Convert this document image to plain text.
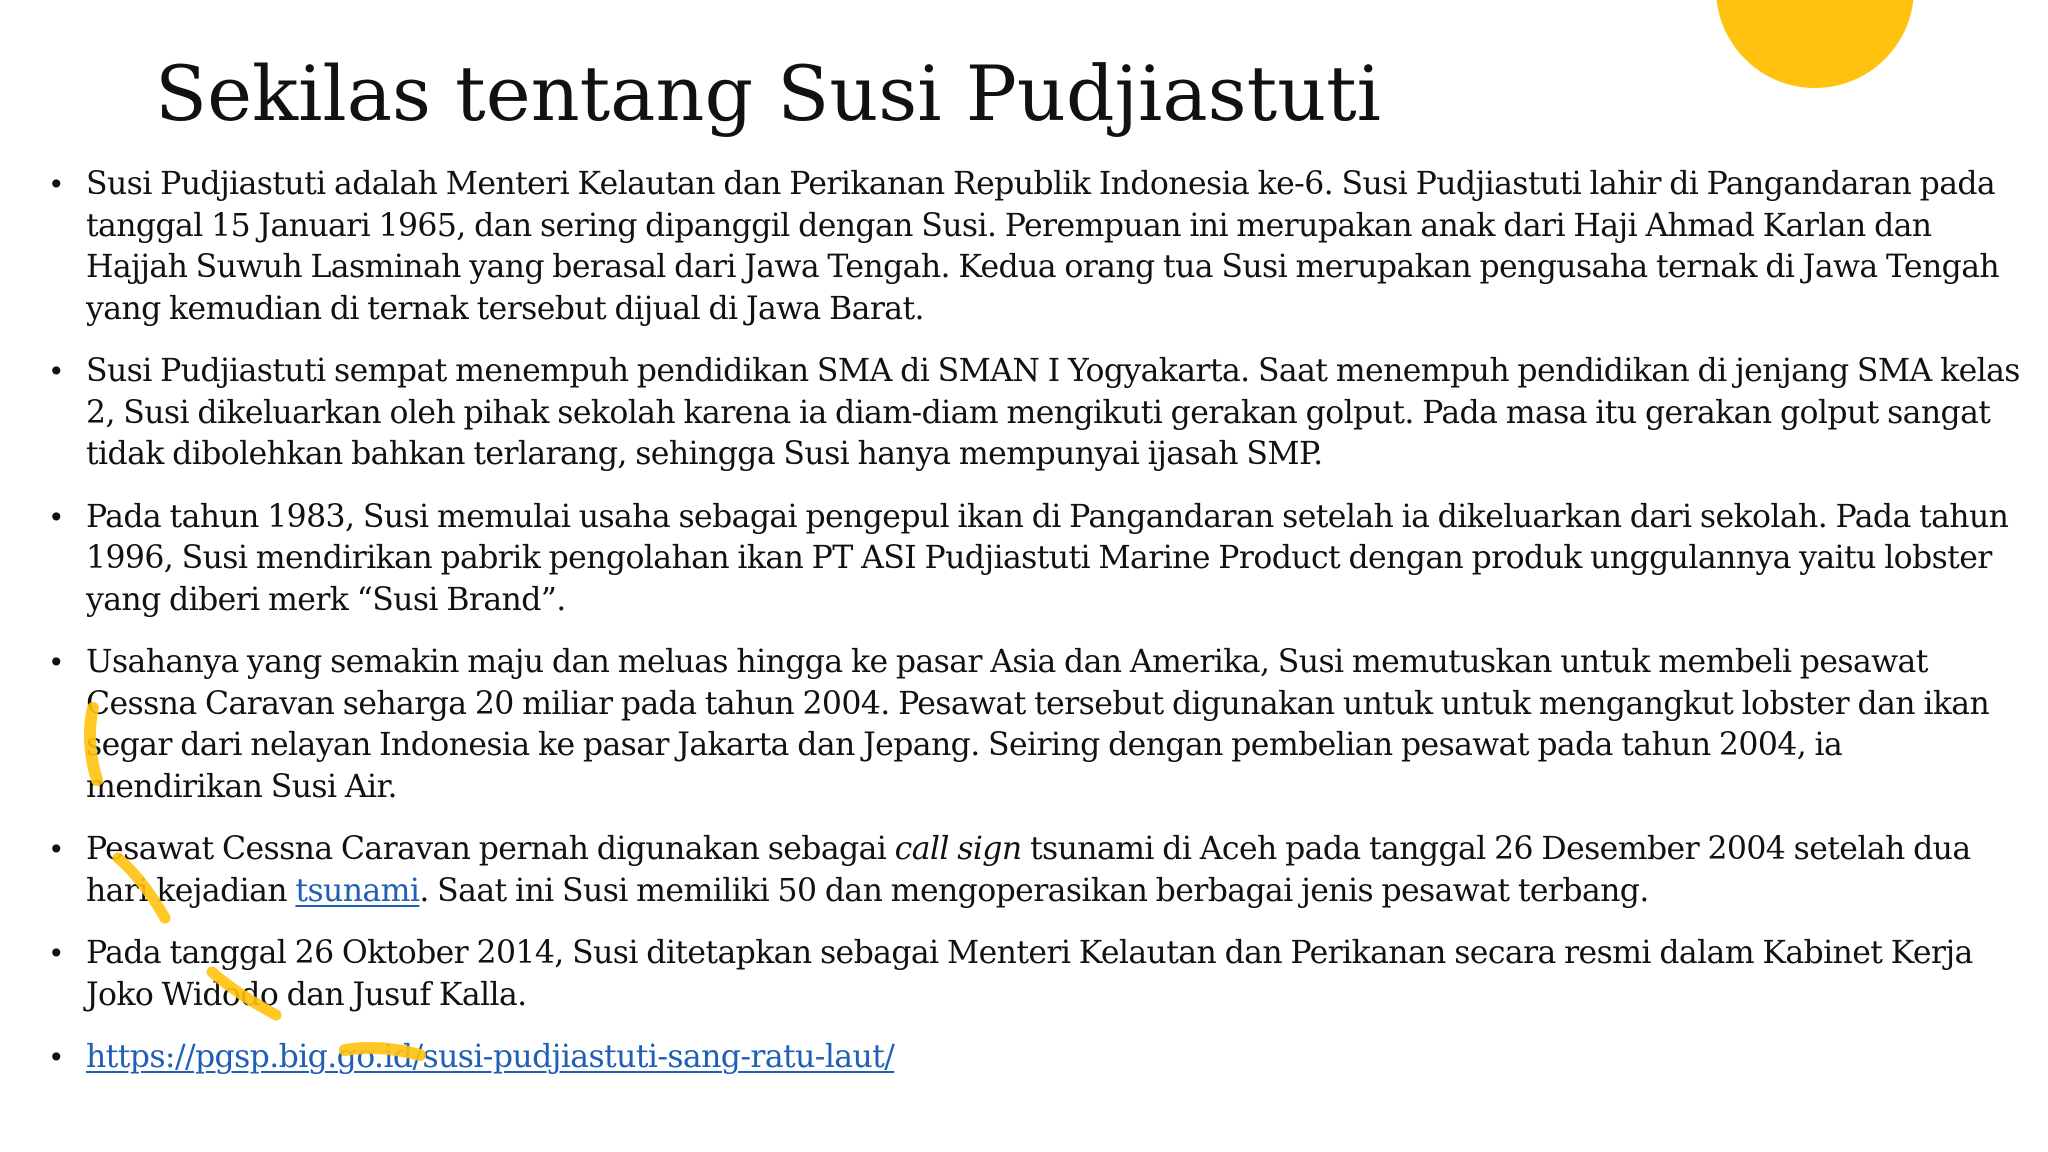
Sekilas tentang Susi Pudjiastuti
• Susi Pudjiastuti adalah Menteri Kelautan dan Perikanan Republik Indonesia ke-6. Susi Pudjiastuti lahir di Pangandaran pada tanggal 15 Januari 1965, dan sering dipanggil dengan Susi. Perempuan ini merupakan anak dari Haji Ahmad Karlan dan Hajjah Suwuh Lasminah yang berasal dari Jawa Tengah. Kedua orang tua Susi merupakan pengusaha ternak di Jawa Tengah yang kemudian di ternak tersebut dijual di Jawa Barat.
• Susi Pudjiastuti sempat menempuh pendidikan SMA di SMAN I Yogyakarta. Saat menempuh pendidikan di jenjang SMA kelas 2, Susi dikeluarkan oleh pihak sekolah karena ia diam-diam mengikuti gerakan golput. Pada masa itu gerakan golput sangat tidak dibolehkan bahkan terlarang, sehingga Susi hanya mempunyai ijasah SMP.
• Pada tahun 1983, Susi memulai usaha sebagai pengepul ikan di Pangandaran setelah ia dikeluarkan dari sekolah. Pada tahun 1996, Susi mendirikan pabrik pengolahan ikan PT ASI Pudjiastuti Marine Product dengan produk unggulannya yaitu lobster yang diberi merk “Susi Brand”.
• Usahanya yang semakin maju dan meluas hingga ke pasar Asia dan Amerika, Susi memutuskan untuk membeli pesawat Cessna Caravan seharga 20 miliar pada tahun 2004. Pesawat tersebut digunakan untuk untuk mengangkut lobster dan ikan segar dari nelayan Indonesia ke pasar Jakarta dan Jepang. Seiring dengan pembelian pesawat pada tahun 2004, ia mendirikan Susi Air.
• Pesawat Cessna Caravan pernah digunakan sebagai call sign tsunami di Aceh pada tanggal 26 Desember 2004 setelah dua hari kejadian tsunami. Saat ini Susi memiliki 50 dan mengoperasikan berbagai jenis pesawat terbang.
• Pada tanggal 26 Oktober 2014, Susi ditetapkan sebagai Menteri Kelautan dan Perikanan secara resmi dalam Kabinet Kerja Joko Widodo dan Jusuf Kalla.
• https://pgsp.big.go.id/susi-pudjiastuti-sang-ratu-laut/
